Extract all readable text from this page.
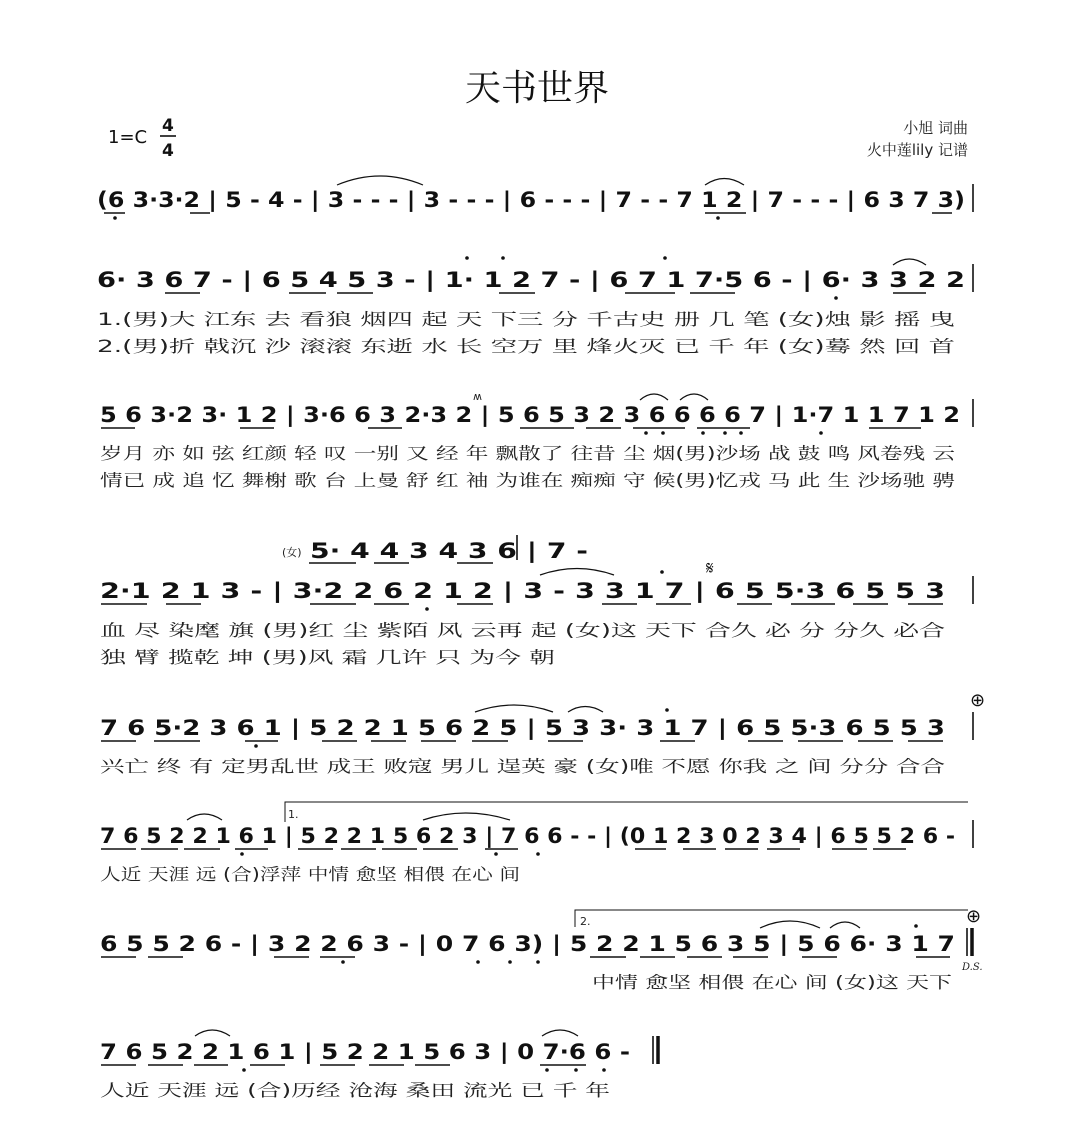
天书世界
1=C
4
4
小旭 词曲
火中莲lily 记谱
(6 3·3·2 | 5 - 4 - | 3 - - - | 3 - - - | 6 - - - | 7 - - 7 1 2 | 7 - - - | 6 3 7 3)
6· 3 6 7 - | 6 5 4 5 3 - | 1· 1 2 7 - | 6 7 1 7·5 6 - | 6· 3 3 2 2
1.(男)大 江东 去 看狼 烟四 起 天 下三 分 千古史 册 几 笔 (女)烛 影 摇 曳
2.(男)折 戟沉 沙 滚滚 东逝 水 长 空万 里 烽火灭 已 千 年 (女)蓦 然 回 首
5 6 3·2 3· 1 2 | 3·6 6 3 2·3 2 | 5 6 5 3 2 3 6 6 6 6 7 | 1·7 1 1 7 1 2
ʍ
岁月 亦 如 弦 红颜 轻 叹 一别 又 经 年 飘散了 往昔 尘 烟(男)沙场 战 鼓 鸣 风卷残 云
情已 成 追 忆 舞榭 歌 台 上曼 舒 红 袖 为谁在 痴痴 守 候(男)忆戎 马 此 生 沙场驰 骋
(女) 5· 4 4 3 4 3 6 | 7 -
𝄋
2·1 2 1 3 - | 3·2 2 6 2 1 2 | 3 - 3 3 1 7 | 6 5 5·3 6 5 5 3
血 尽 染麾 旗 (男)红 尘 紫陌 风 云再 起 (女)这 天下 合久 必 分 分久 必合
独 臂 揽乾 坤 (男)风 霜 几许 只 为今 朝
⊕
7 6 5·2 3 6 1 | 5 2 2 1 5 6 2 5 | 5 3 3· 3 1 7 | 6 5 5·3 6 5 5 3
兴亡 终 有 定男乱世 成王 败寇 男儿 逞英 豪 (女)唯 不愿 你我 之 间 分分 合合
1.
7 6 5 2 2 1 6 1 | 5 2 2 1 5 6 2 3 | 7 6 6 - - | (0 1 2 3 0 2 3 4 | 6 5 5 2 6 -
人近 天涯 远 (合)浮萍 中情 愈坚 相偎 在心 间
2.	⊕
6 5 5 2 6 - | 3 2 2 6 3 - | 0 7 6 3) | 5 2 2 1 5 6 3 5 | 5 6 6· 3 1 7
D.S.
中情 愈坚 相偎 在心 间 (女)这 天下
7 6 5 2 2 1 6 1 | 5 2 2 1 5 6 3 | 0 7·6 6 -
人近 天涯 远 (合)历经 沧海 桑田 流光 已 千 年
